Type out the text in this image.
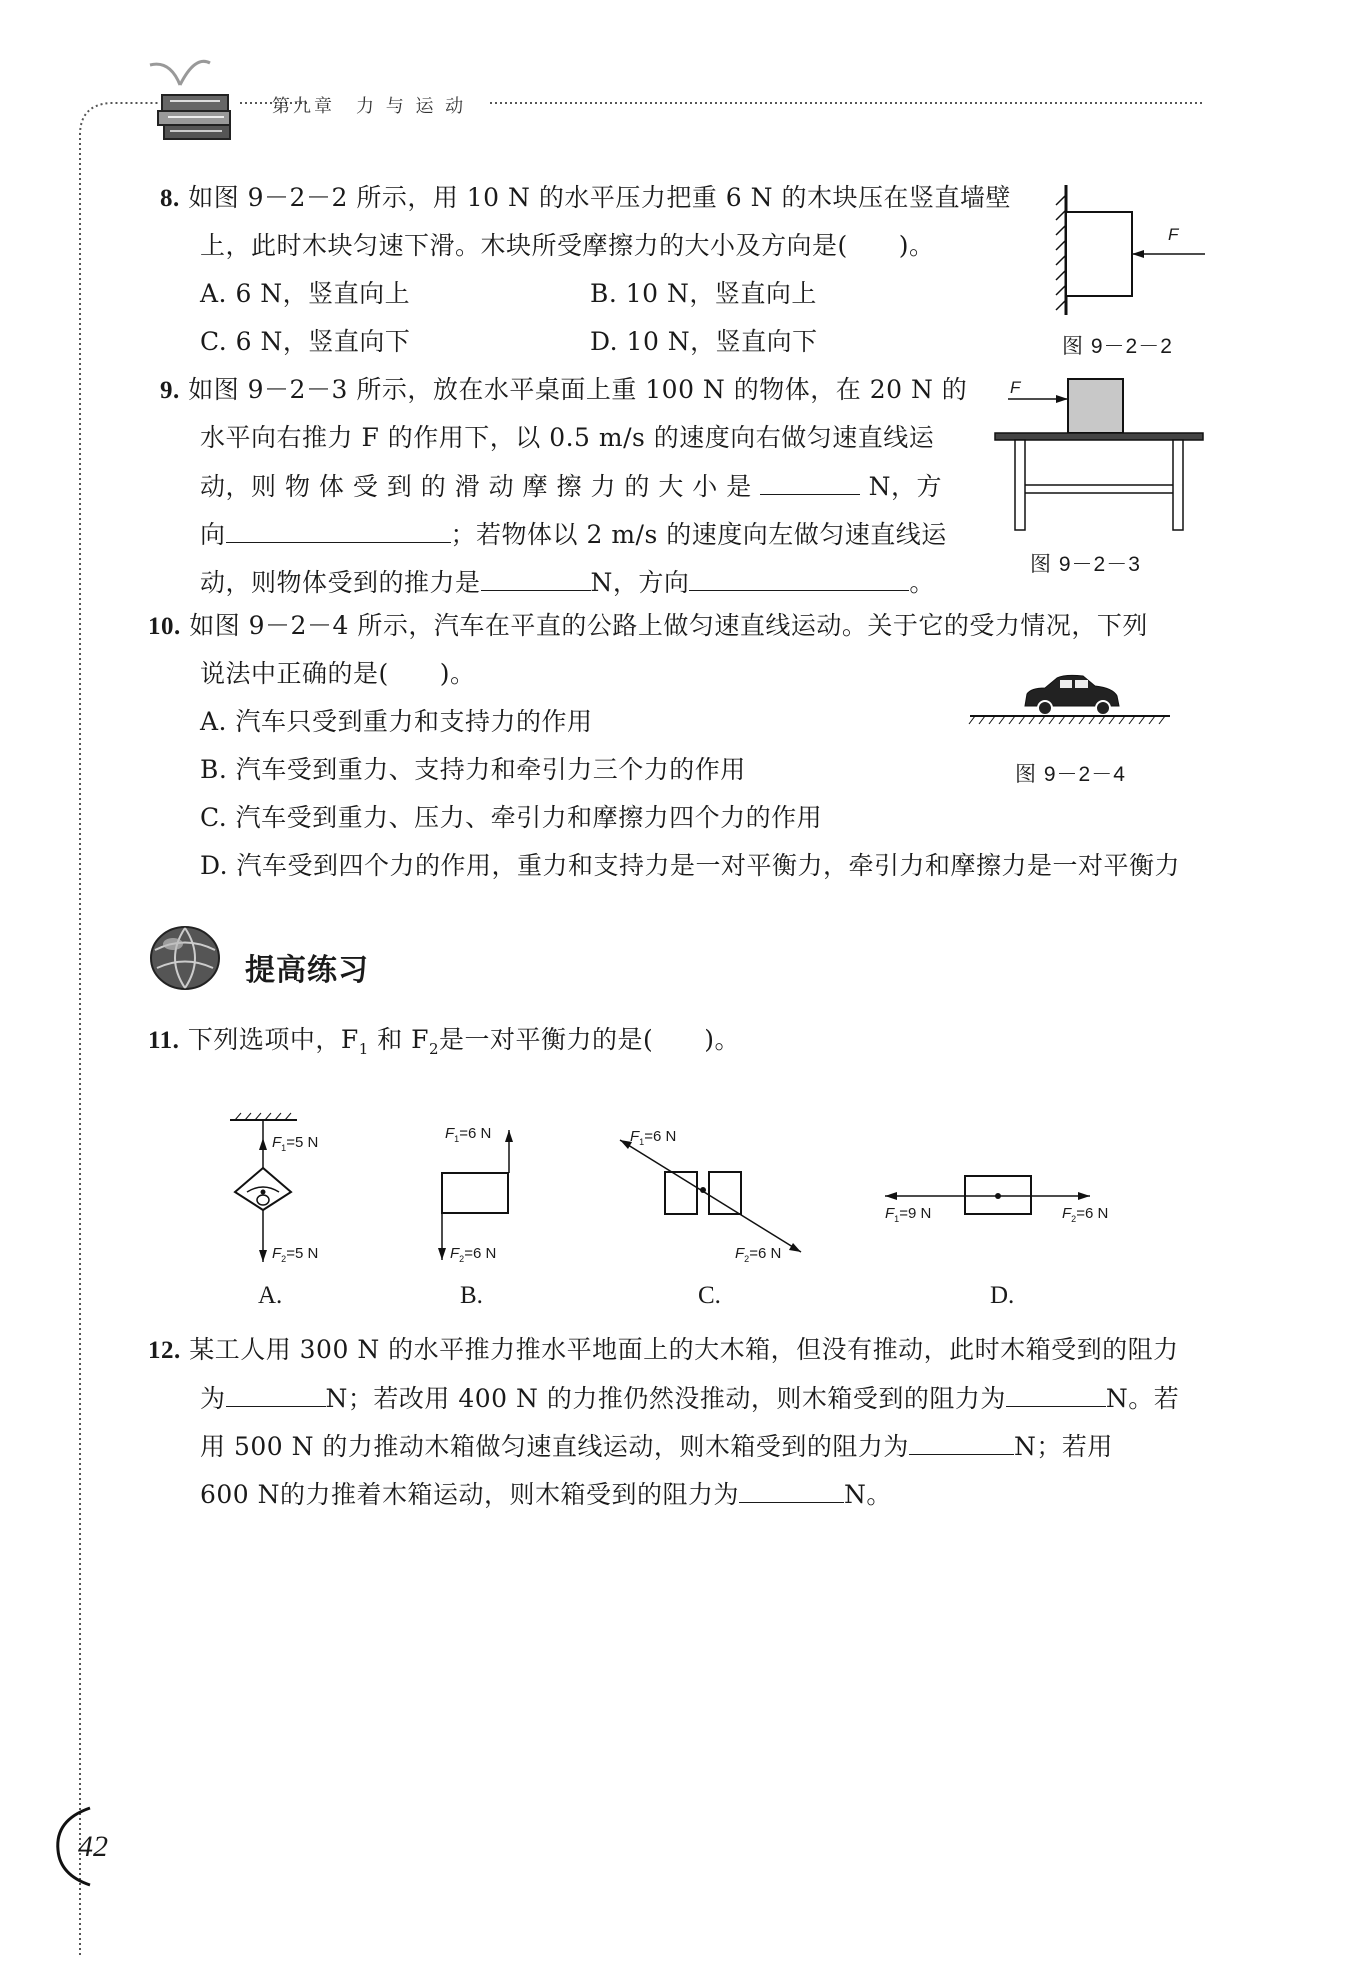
第九章　力 与 运 动
8. 如图 9－2－2 所示，用 10 N 的水平压力把重 6 N 的木块压在竖直墙壁
上，此时木块匀速下滑。木块所受摩擦力的大小及方向是(　　)。
A. 6 N，竖直向上	B. 10 N，竖直向上
C. 6 N，竖直向下	D. 10 N，竖直向下
F
图 9－2－2
9. 如图 9－2－3 所示，放在水平桌面上重 100 N 的物体，在 20 N 的
水平向右推力 F 的作用下，以 0.5 m/s 的速度向右做匀速直线运
动，则 物 体 受 到 的 滑 动 摩 擦 力 的 大 小 是	N，方
向	；若物体以 2 m/s 的速度向左做匀速直线运
动，则物体受到的推力是	N，方向	。
F
图 9－2－3
10. 如图 9－2－4 所示，汽车在平直的公路上做匀速直线运动。关于它的受力情况，下列
说法中正确的是(　　)。
A. 汽车只受到重力和支持力的作用
B. 汽车受到重力、支持力和牵引力三个力的作用
C. 汽车受到重力、压力、牵引力和摩擦力四个力的作用
D. 汽车受到四个力的作用，重力和支持力是一对平衡力，牵引力和摩擦力是一对平衡力
图 9－2－4
提高练习
11. 下列选项中，$F_1$ 和 $F_2$是一对平衡力的是(　　)。
$F_1=5$ N
$F_2=5$ N
A.
$F_1=6$ N
$F_2=6$ N
B.
$F_1=6$ N
$F_2=6$ N
C.
$F_1=9$ N	$F_2=6$ N
D.
12. 某工人用 300 N 的水平推力推水平地面上的大木箱，但没有推动，此时木箱受到的阻力
为	N；若改用 400 N 的力推仍然没推动，则木箱受到的阻力为	N。若
用 500 N 的力推动木箱做匀速直线运动，则木箱受到的阻力为	N；若用
600 N的力推着木箱运动，则木箱受到的阻力为	N。
42
